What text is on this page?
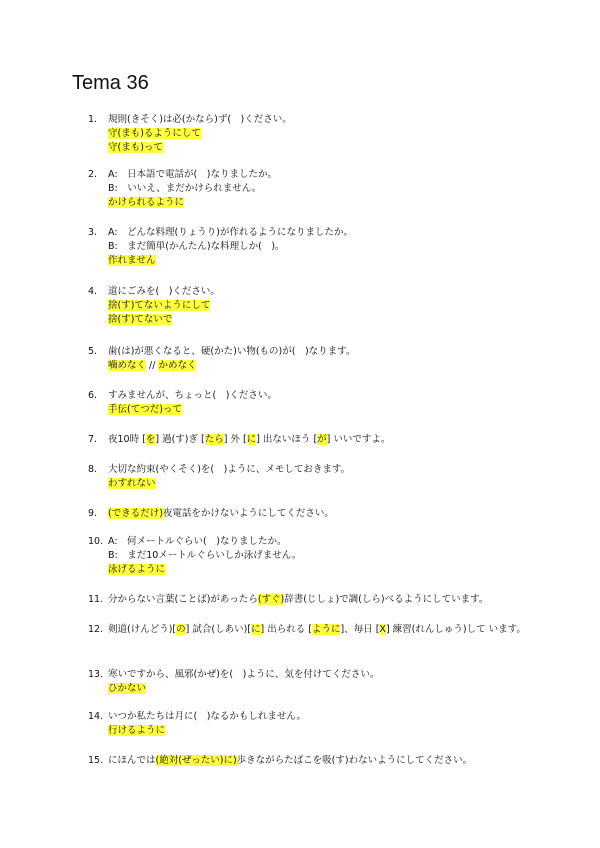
Tema 36
1.	規則(きそく)は必(かなら)ず(　)ください。
守(まも)るようにして
守(まも)って
2.	A:　日本語で電話が(　)なりましたか。
B:　いいえ、まだかけられません。
かけられるように
3.	A:　どんな料理(りょうり)が作れるようになりましたか。
B:　まだ簡単(かんたん)な料理しか(　)。
作れません
4.	道にごみを(　)ください。
捨(す)てないようにして
捨(す)てないで
5.	歯(は)が悪くなると、硬(かた)い物(もの)が(　)なります。
噛めなく // かめなく
6.	すみませんが、ちょっと(　)ください。
手伝(てつだ)って
7.	夜10時 [を] 過(す)ぎ [たら] 外 [に] 出ないほう [が] いいですよ。
8.	大切な約束(やくそく)を(　)ように、メモしておきます。
わすれない
9.	(できるだけ)夜電話をかけないようにしてください。
10. A:　何メートルぐらい(　)なりましたか。
B:　まだ10メートルぐらいしか泳げません。
泳げるように
11. 分からない言葉(ことば)があったら(すぐ)辞書(じしょ)で調(しら)べるようにしています。
12. 剣道(けんどう)[の] 試合(しあい)[に] 出られる [ように]、毎日 [X] 練習(れんしゅう)して います。
13. 寒いですから、風邪(かぜ)を(　)ように、気を付けてください。
ひかない
14. いつか私たちは月に(　)なるかもしれません。
行けるように
15. にほんでは(絶対(ぜったい)に)歩きながらたばこを吸(す)わないようにしてください。
